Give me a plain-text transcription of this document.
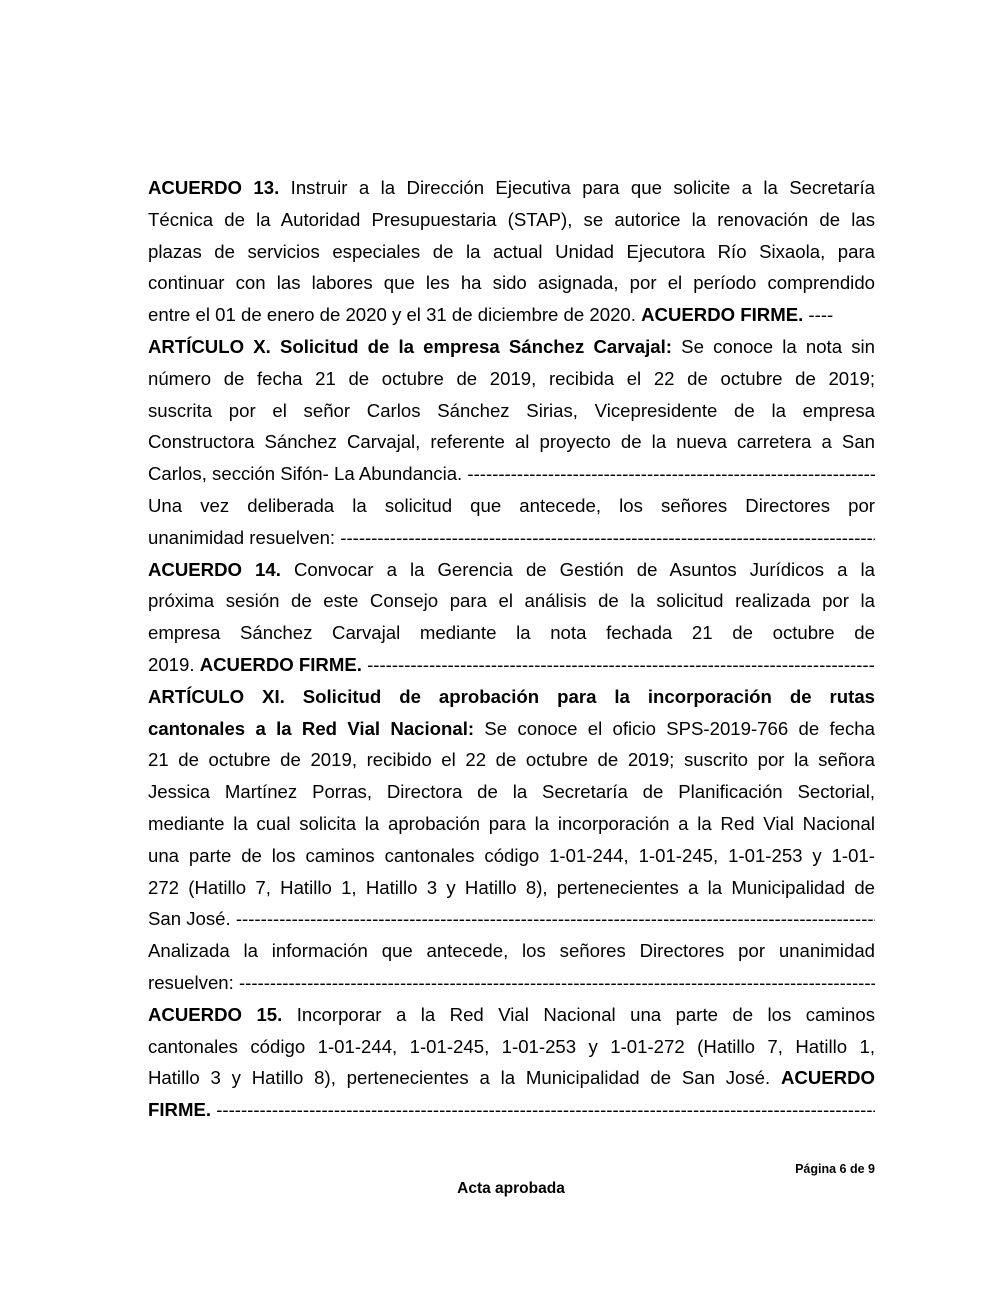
ACUERDO 13. Instruir a la Dirección Ejecutiva para que solicite a la Secretaría
Técnica de la Autoridad Presupuestaria (STAP), se autorice la renovación de las
plazas de servicios especiales de la actual Unidad Ejecutora Río Sixaola, para
continuar con las labores que les ha sido asignada, por el período comprendido
entre el 01 de enero de 2020 y el 31 de diciembre de 2020. ACUERDO FIRME. ----
ARTÍCULO X. Solicitud de la empresa Sánchez Carvajal: Se conoce la nota sin
número de fecha 21 de octubre de 2019, recibida el 22 de octubre de 2019;
suscrita por el señor Carlos Sánchez Sirias, Vicepresidente de la empresa
Constructora Sánchez Carvajal, referente al proyecto de la nueva carretera a San
Carlos, sección Sifón- La Abundancia. -----
Una vez deliberada la solicitud que antecede, los señores Directores por
unanimidad resuelven: -----
ACUERDO 14. Convocar a la Gerencia de Gestión de Asuntos Jurídicos a la
próxima sesión de este Consejo para el análisis de la solicitud realizada por la
empresa Sánchez Carvajal mediante la nota fechada 21 de octubre de
2019. ACUERDO FIRME. -----
ARTÍCULO XI. Solicitud de aprobación para la incorporación de rutas
cantonales a la Red Vial Nacional: Se conoce el oficio SPS-2019-766 de fecha
21 de octubre de 2019, recibido el 22 de octubre de 2019; suscrito por la señora
Jessica Martínez Porras, Directora de la Secretaría de Planificación Sectorial,
mediante la cual solicita la aprobación para la incorporación a la Red Vial Nacional
una parte de los caminos cantonales código 1-01-244, 1-01-245, 1-01-253 y 1-01-
272 (Hatillo 7, Hatillo 1, Hatillo 3 y Hatillo 8), pertenecientes a la Municipalidad de
San José. -----
Analizada la información que antecede, los señores Directores por unanimidad
resuelven: -----
ACUERDO 15. Incorporar a la Red Vial Nacional una parte de los caminos
cantonales código 1-01-244, 1-01-245, 1-01-253 y 1-01-272 (Hatillo 7, Hatillo 1,
Hatillo 3 y Hatillo 8), pertenecientes a la Municipalidad de San José. ACUERDO
FIRME. -----
Página 6 de 9
Acta aprobada
